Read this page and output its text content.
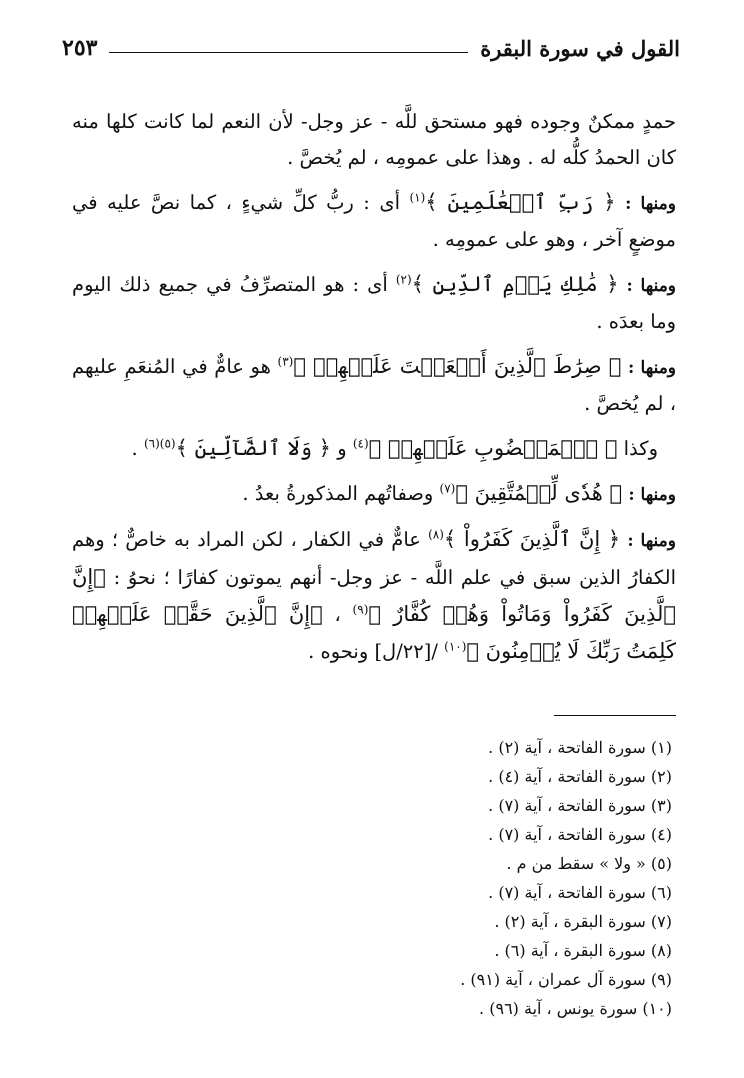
القول في سورة البقرة
٢٥٣

حمدٍ ممكنٌ وجوده فهو مستحق للَّه - عز وجل- لأن النعم لما كانت كلها منه كان الحمدُ كلُّه له . وهذا على عمومِه ، لم يُخصَّ .

ومنها : ﴿ رَبِّ ٱلۡعَٰلَمِينَ ﴾$^{(١)}$ أى : ربُّ كلِّ شيءٍ ، كما نصَّ عليه في موضعٍ آخر ، وهو على عمومِه .

ومنها : ﴿ مَٰلِكِ يَوۡمِ ٱلدِّينِ ﴾$^{(٢)}$ أى : هو المتصرِّفُ في جميع ذلك اليوم وما بعدَه .

ومنها : ﴿ صِرَٰطَ ٱلَّذِينَ أَنۡعَمۡتَ عَلَيۡهِمۡ ﴾$^{(٣)}$ هو عامٌّ في المُنعَمِ عليهم ، لم يُخصَّ .

وكذا ﴿ ٱلۡمَغۡضُوبِ عَلَيۡهِمۡ ﴾$^{(٤)}$ و ﴿ وَلَا ٱلضَّآلِّينَ ﴾$^{(٥)(٦)}$ .

ومنها : ﴿ هُدٗى لِّلۡمُتَّقِينَ ﴾$^{(٧)}$ وصفاتُهم المذكورةُ بعدُ .

ومنها : ﴿ إِنَّ ٱلَّذِينَ كَفَرُواْ ﴾$^{(٨)}$ عامٌّ في الكفار ، لكن المراد به خاصٌّ ؛ وهم الكفارُ الذين سبق في علم اللَّه - عز وجل- أنهم يموتون كفارًا ؛ نحوُ : ﴿إِنَّ ٱلَّذِينَ كَفَرُواْ وَمَاتُواْ وَهُمۡ كُفَّارٌ ﴾$^{(٩)}$ ، ﴿إِنَّ ٱلَّذِينَ حَقَّتۡ عَلَيۡهِمۡ كَلِمَتُ رَبِّكَ لَا يُؤۡمِنُونَ ﴾$^{(١٠)}$ /[٢٢/ل] ونحوه .

(١) سورة الفاتحة ، آية (٢) .
(٢) سورة الفاتحة ، آية (٤) .
(٣) سورة الفاتحة ، آية (٧) .
(٤) سورة الفاتحة ، آية (٧) .
(٥) « ولا » سقط من م .
(٦) سورة الفاتحة ، آية (٧) .
(٧) سورة البقرة ، آية (٢) .
(٨) سورة البقرة ، آية (٦) .
(٩) سورة آل عمران ، آية (٩١) .
(١٠) سورة يونس ، آية (٩٦) .
